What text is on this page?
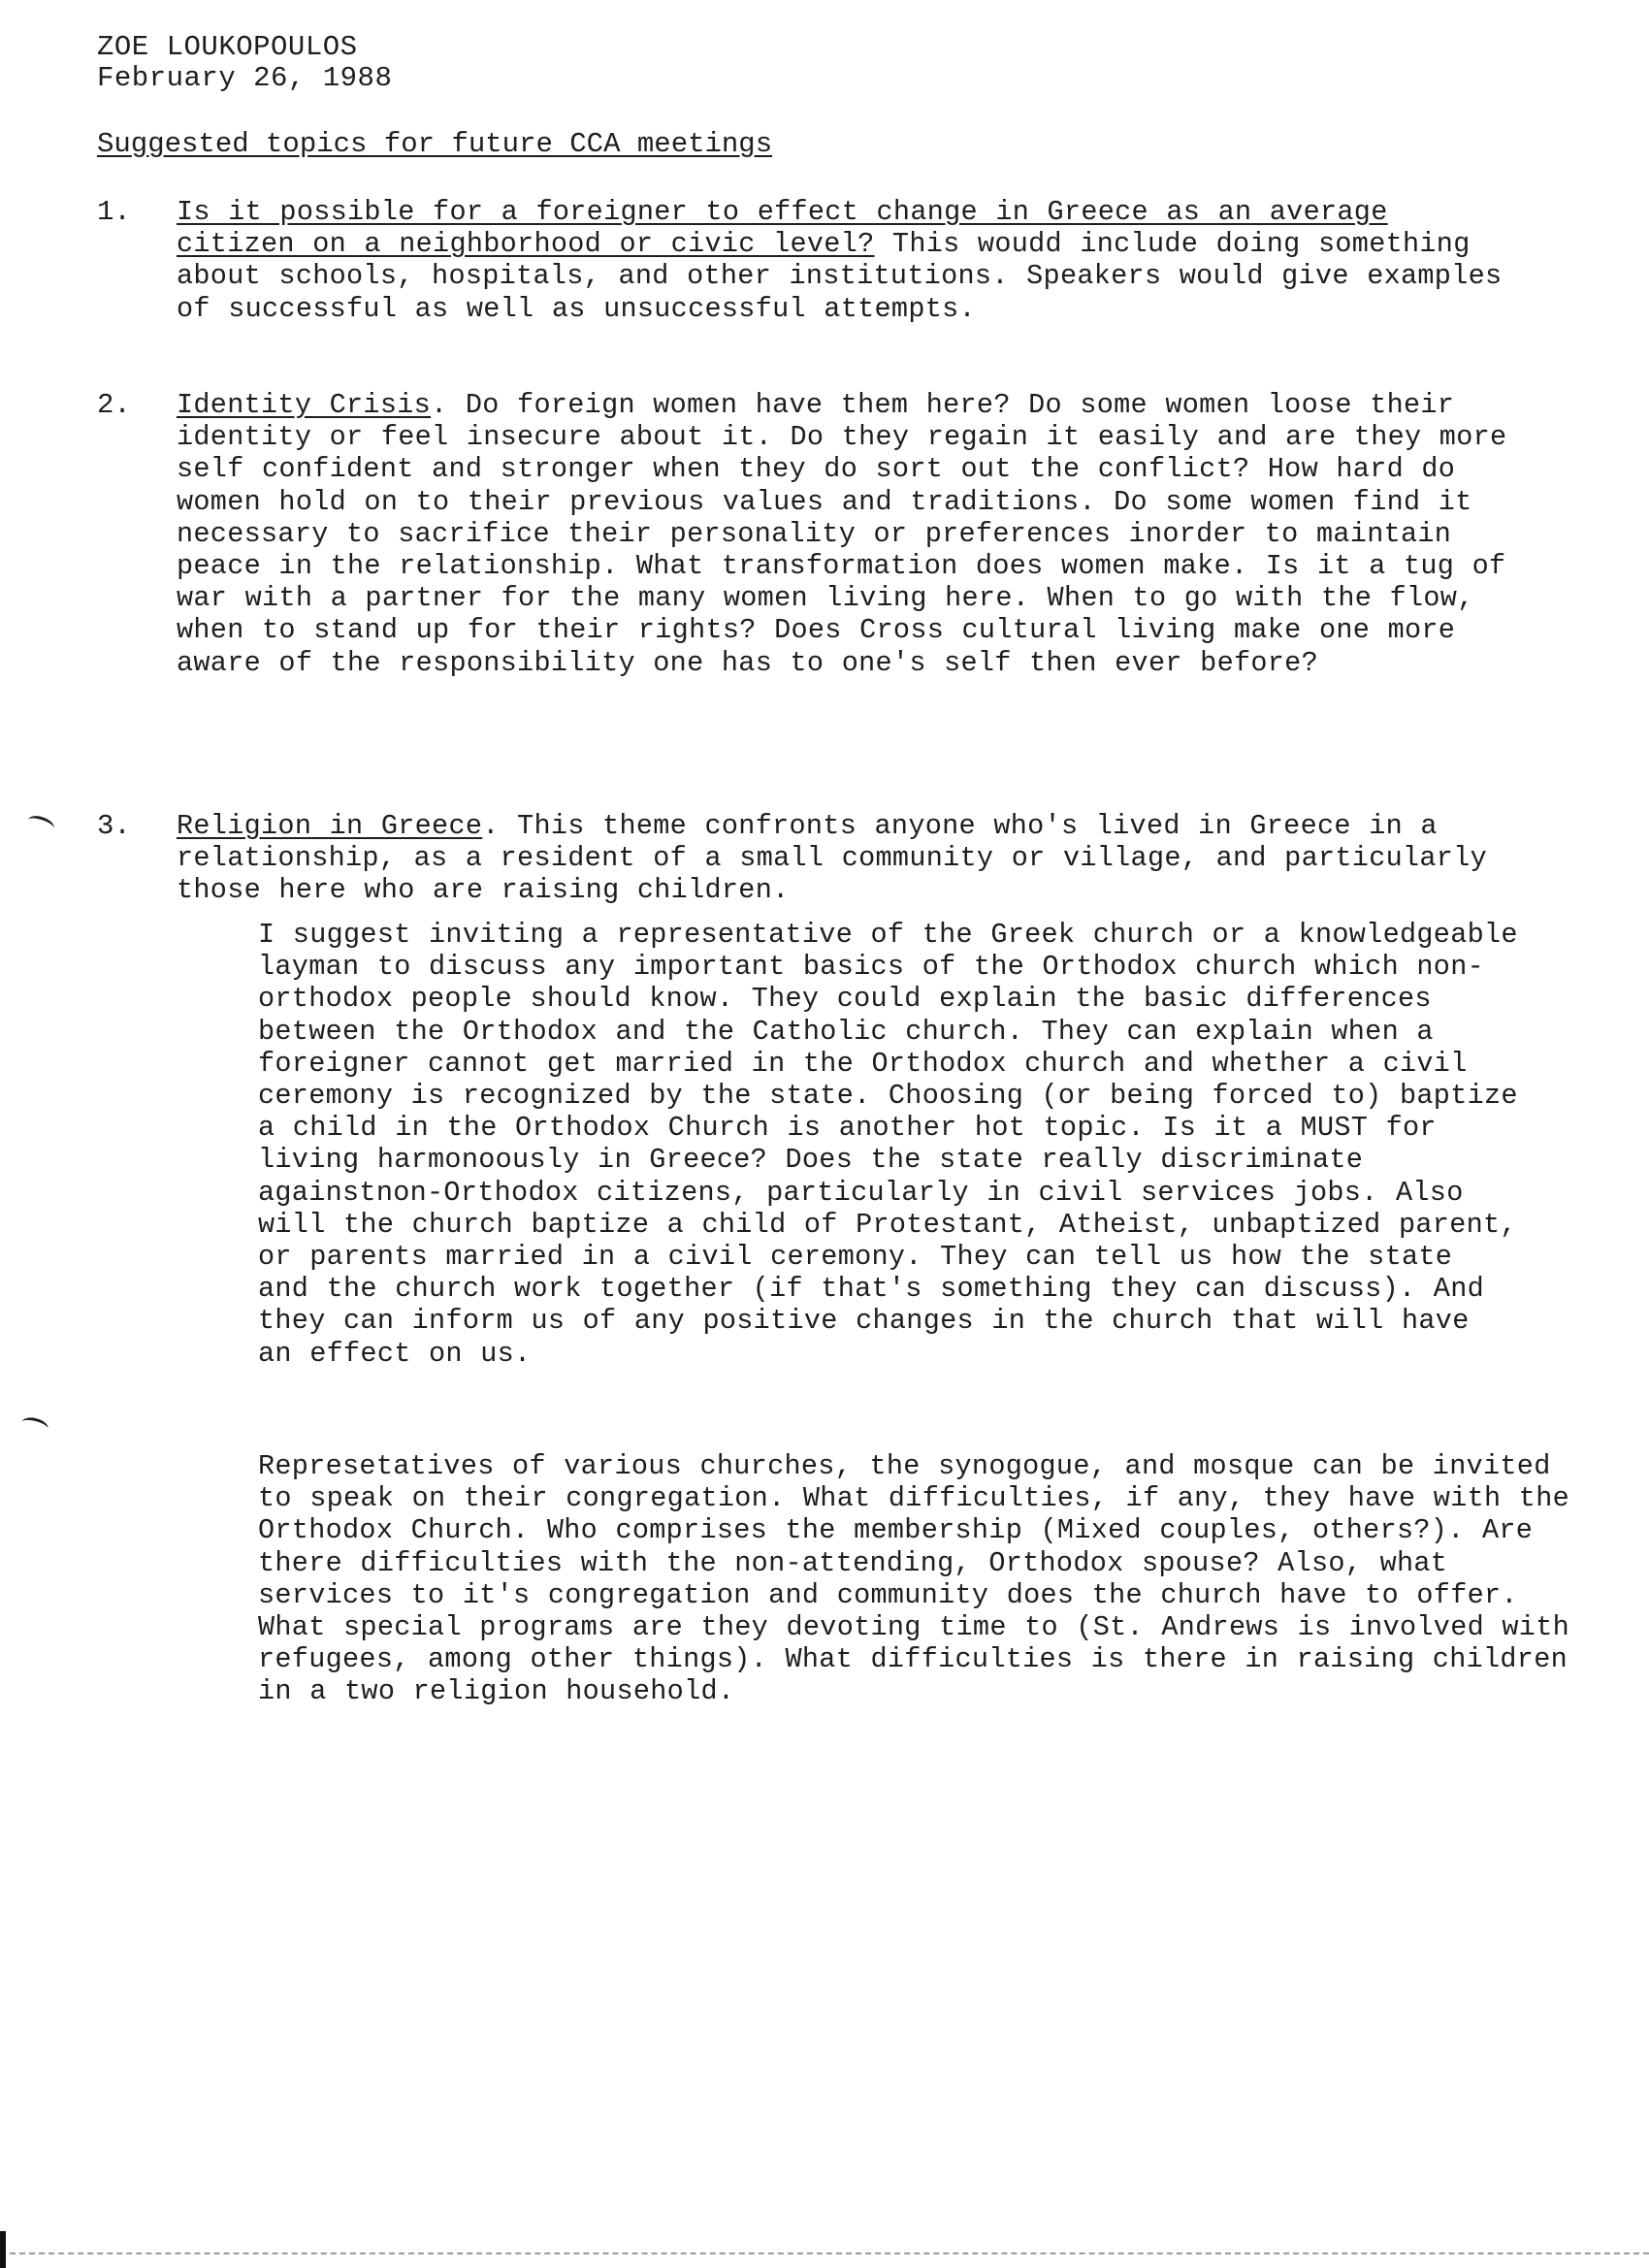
ZOE LOUKOPOULOS
February 26, 1988
Suggested topics for future CCA meetings
1. Is it possible for a foreigner to effect change in Greece as an average citizen on a neighborhood or civic level? This woudd include doing something about schools, hospitals, and other institutions. Speakers would give examples of successful as well as unsuccessful attempts.
2. Identity Crisis. Do foreign women have them here? Do some women loose their identity or feel insecure about it. Do they regain it easily and are they more self confident and stronger when they do sort out the conflict? How hard do women hold on to their previous values and traditions. Do some women find it necessary to sacrifice their personality or preferences inorder to maintain peace in the relationship. What transformation does women make. Is it a tug of war with a partner for the many women living here. When to go with the flow, when to stand up for their rights? Does Cross cultural living make one more aware of the responsibility one has to one's self then ever before?
3. Religion in Greece. This theme confronts anyone who's lived in Greece in a relationship, as a resident of a small community or village, and particularly those here who are raising children.
I suggest inviting a representative of the Greek church or a knowledgeable layman to discuss any important basics of the Orthodox church which non-orthodox people should know. They could explain the basic differences between the Orthodox and the Catholic church. They can explain when a foreigner cannot get married in the Orthodox church and whether a civil ceremony is recognized by the state. Choosing (or being forced to) baptize a child in the Orthodox Church is another hot topic. Is it a MUST for living harmonoously in Greece? Does the state really discriminate againstnon-Orthodox citizens, particularly in civil services jobs. Also will the church baptize a child of Protestant, Atheist, unbaptized parent, or parents married in a civil ceremony. They can tell us how the state and the church work together (if that's something they can discuss). And they can inform us of any positive changes in the church that will have an effect on us.
Represetatives of various churches, the synogogue, and mosque can be invited to speak on their congregation. What difficulties, if any, they have with the Orthodox Church. Who comprises the membership (Mixed couples, others?). Are there difficulties with the non-attending, Orthodox spouse? Also, what services to it's congregation and community does the church have to offer. What special programs are they devoting time to (St. Andrews is involved with refugees, among other things). What difficulties is there in raising children in a two religion household.
